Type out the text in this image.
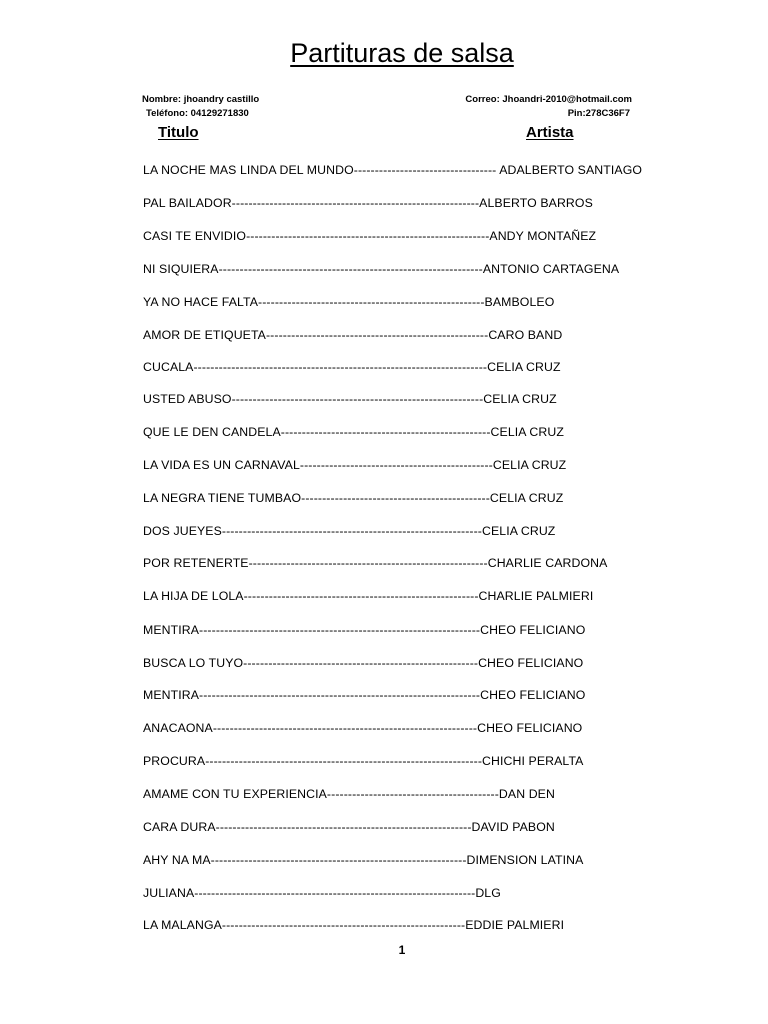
Partituras de salsa
Nombre: jhoandry castillo
Teléfono: 04129271830
Correo: Jhoandri-2010@hotmail.com
Pin:278C36F7
Titulo	Artista
LA NOCHE MAS LINDA DEL MUNDO---------------------------------- ADALBERTO SANTIAGO
PAL BAILADOR-----------------------------------------------------------ALBERTO BARROS
CASI TE ENVIDIO----------------------------------------------------------ANDY MONTAÑEZ
NI SIQUIERA---------------------------------------------------------------ANTONIO CARTAGENA
YA NO HACE FALTA------------------------------------------------------BAMBOLEO
AMOR DE ETIQUETA-----------------------------------------------------CARO BAND
CUCALA----------------------------------------------------------------------CELIA CRUZ
USTED ABUSO------------------------------------------------------------CELIA CRUZ
QUE LE DEN CANDELA--------------------------------------------------CELIA CRUZ
LA VIDA ES UN CARNAVAL----------------------------------------------CELIA CRUZ
LA NEGRA TIENE TUMBAO---------------------------------------------CELIA CRUZ
DOS JUEYES--------------------------------------------------------------CELIA CRUZ
POR RETENERTE---------------------------------------------------------CHARLIE CARDONA
LA HIJA DE LOLA--------------------------------------------------------CHARLIE PALMIERI
MENTIRA-------------------------------------------------------------------CHEO FELICIANO
BUSCA LO TUYO--------------------------------------------------------CHEO FELICIANO
MENTIRA-------------------------------------------------------------------CHEO FELICIANO
ANACAONA---------------------------------------------------------------CHEO FELICIANO
PROCURA------------------------------------------------------------------CHICHI PERALTA
AMAME CON TU EXPERIENCIA-----------------------------------------DAN DEN
CARA DURA-------------------------------------------------------------DAVID PABON
AHY NA MA-------------------------------------------------------------DIMENSION LATINA
JULIANA-------------------------------------------------------------------DLG
LA MALANGA----------------------------------------------------------EDDIE PALMIERI
1
